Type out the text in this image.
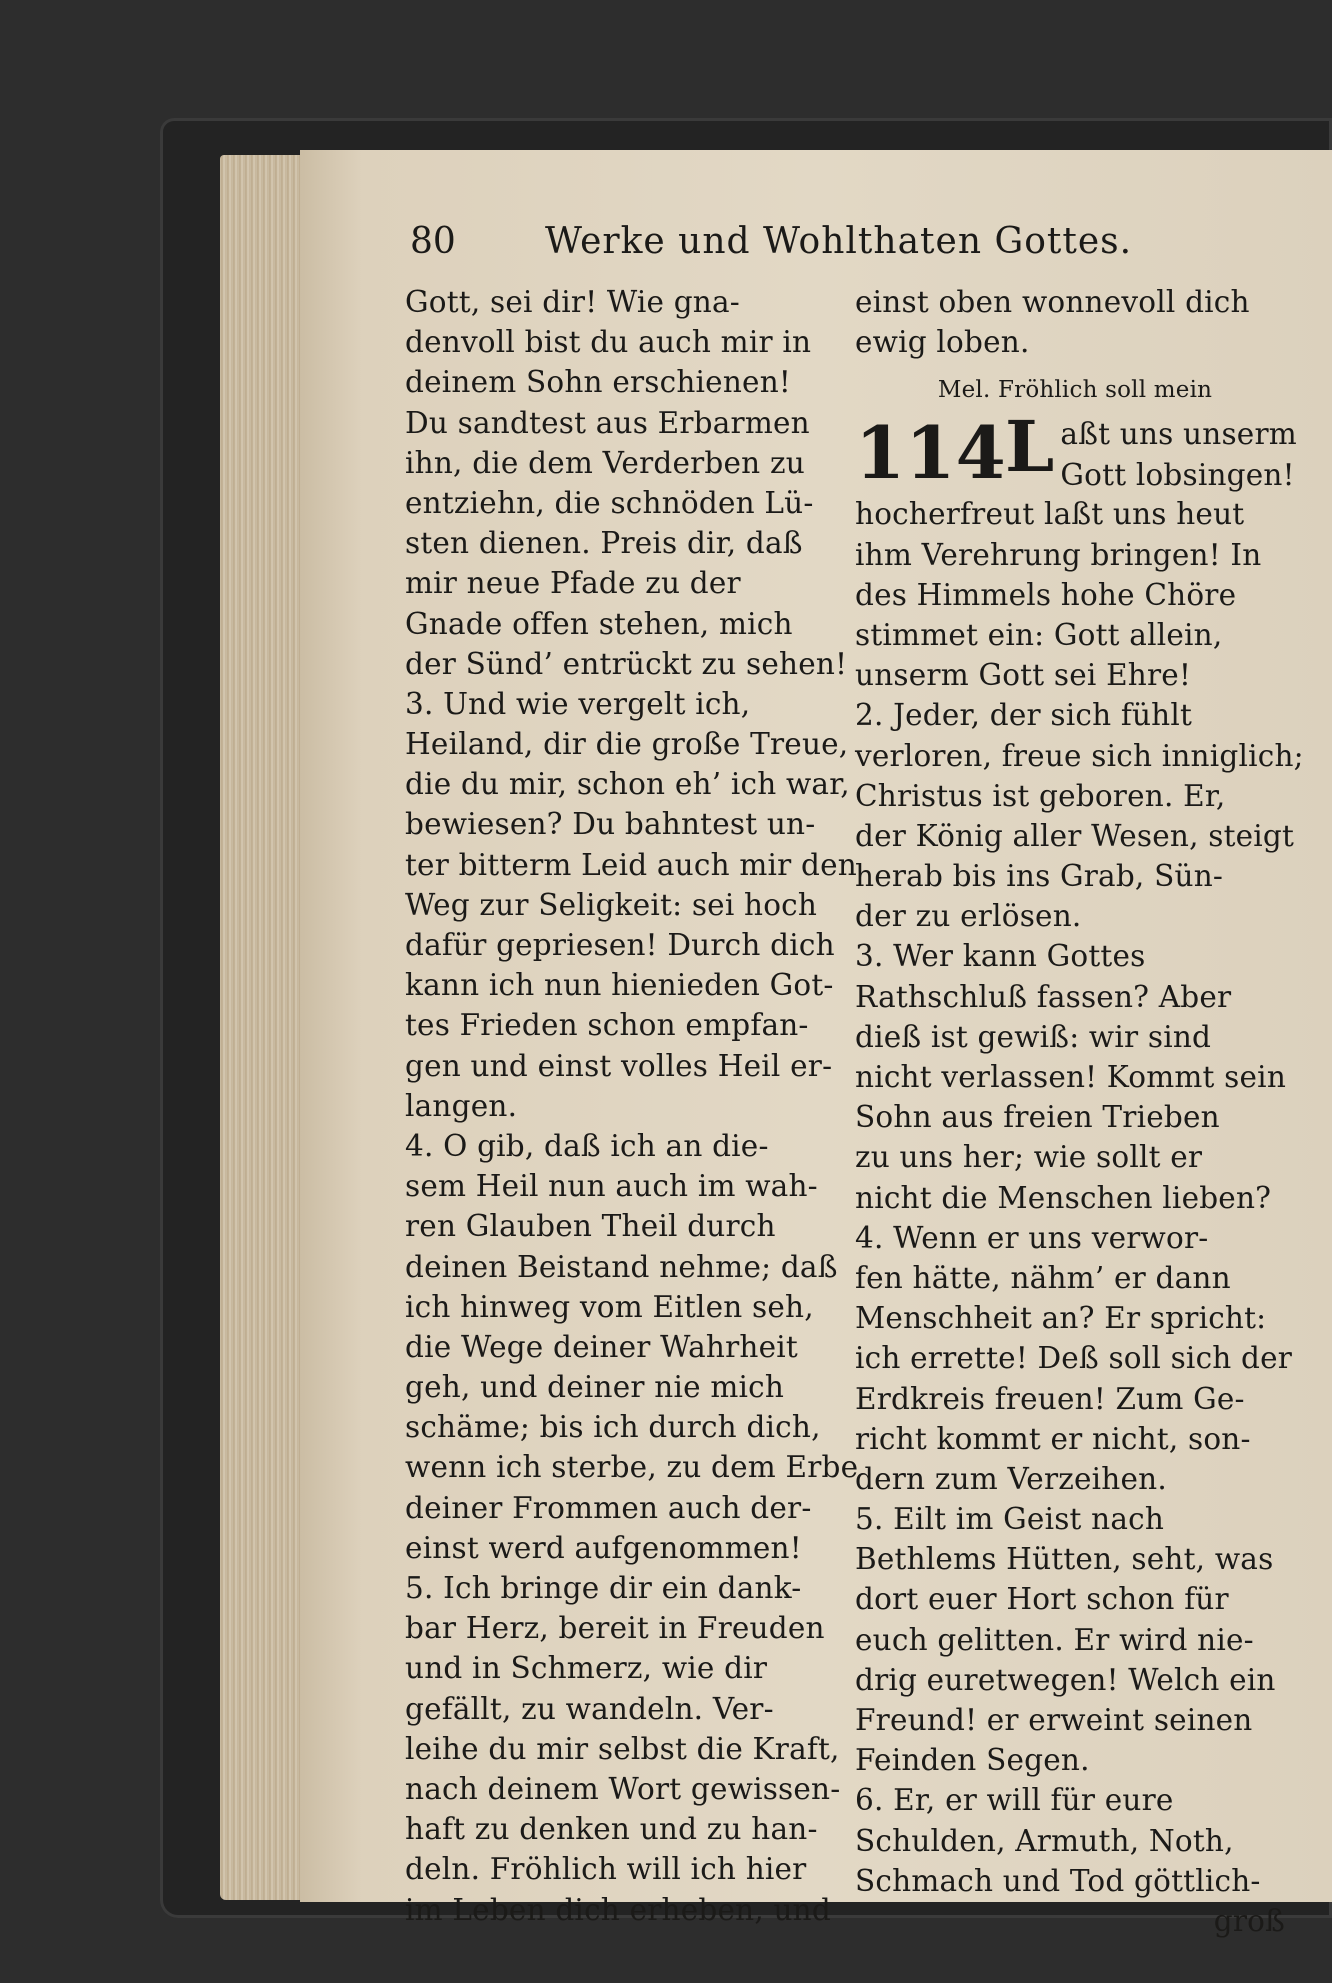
80 Werke und Wohlthaten Gottes.
Gott, sei dir! Wie gna-
denvoll bist du auch mir in
deinem Sohn erschienen!
Du sandtest aus Erbarmen
ihn, die dem Verderben zu
entziehn, die schnöden Lü-
sten dienen. Preis dir, daß
mir neue Pfade zu der
Gnade offen stehen, mich
der Sünd’ entrückt zu sehen!
3. Und wie vergelt ich,
Heiland, dir die große Treue,
die du mir, schon eh’ ich war,
bewiesen? Du bahntest un-
ter bitterm Leid auch mir den
Weg zur Seligkeit: sei hoch
dafür gepriesen! Durch dich
kann ich nun hienieden Got-
tes Frieden schon empfan-
gen und einst volles Heil er-
langen.
4. O gib, daß ich an die-
sem Heil nun auch im wah-
ren Glauben Theil durch
deinen Beistand nehme; daß
ich hinweg vom Eitlen seh,
die Wege deiner Wahrheit
geh, und deiner nie mich
schäme; bis ich durch dich,
wenn ich sterbe, zu dem Erbe
deiner Frommen auch der-
einst werd aufgenommen!
5. Ich bringe dir ein dank-
bar Herz, bereit in Freuden
und in Schmerz, wie dir
gefällt, zu wandeln. Ver-
leihe du mir selbst die Kraft,
nach deinem Wort gewissen-
haft zu denken und zu han-
deln. Fröhlich will ich hier
im Leben dich erheben, und
einst oben wonnevoll dich
ewig loben.
Mel. Fröhlich soll mein
114 L aßt uns unserm
Gott lobsingen!
hocherfreut laßt uns heut
ihm Verehrung bringen! In
des Himmels hohe Chöre
stimmet ein: Gott allein,
unserm Gott sei Ehre!
2. Jeder, der sich fühlt
verloren, freue sich inniglich;
Christus ist geboren. Er,
der König aller Wesen, steigt
herab bis ins Grab, Sün-
der zu erlösen.
3. Wer kann Gottes
Rathschluß fassen? Aber
dieß ist gewiß: wir sind
nicht verlassen! Kommt sein
Sohn aus freien Trieben
zu uns her; wie sollt er
nicht die Menschen lieben?
4. Wenn er uns verwor-
fen hätte, nähm’ er dann
Menschheit an? Er spricht:
ich errette! Deß soll sich der
Erdkreis freuen! Zum Ge-
richt kommt er nicht, son-
dern zum Verzeihen.
5. Eilt im Geist nach
Bethlems Hütten, seht, was
dort euer Hort schon für
euch gelitten. Er wird nie-
drig euretwegen! Welch ein
Freund! er erweint seinen
Feinden Segen.
6. Er, er will für eure
Schulden, Armuth, Noth,
Schmach und Tod göttlich-
groß
